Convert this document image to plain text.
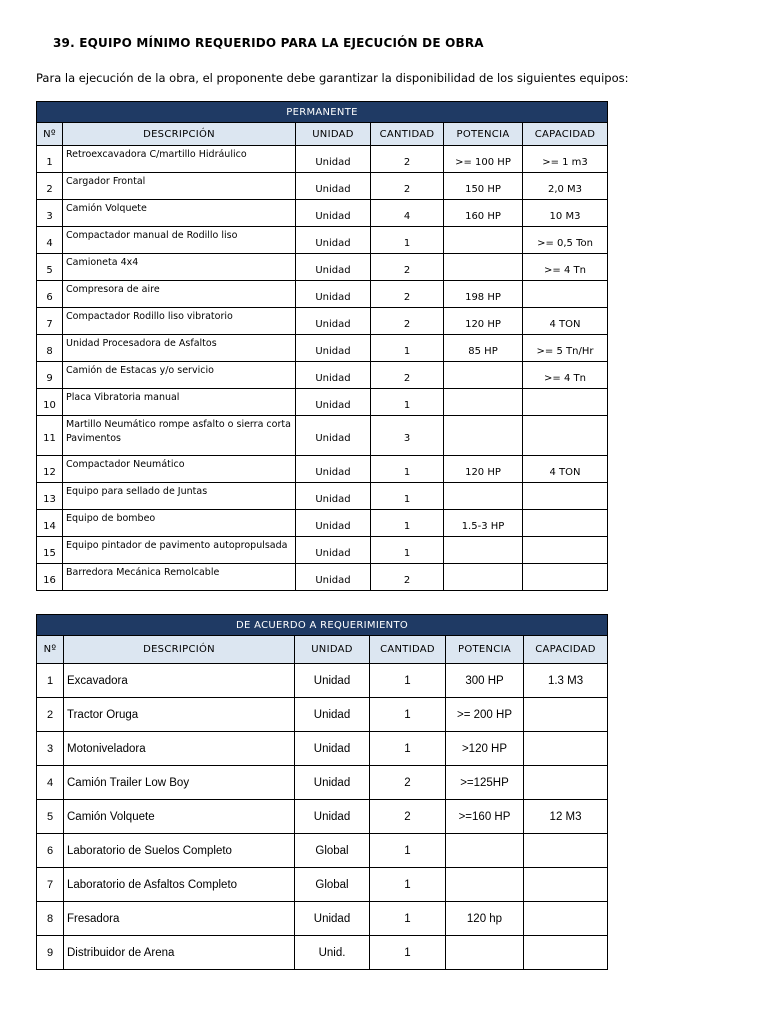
39. EQUIPO MÍNIMO REQUERIDO PARA LA EJECUCIÓN DE OBRA
Para la ejecución de la obra, el proponente debe garantizar la disponibilidad de los siguientes equipos:
PERMANENTE					
Nº	DESCRIPCIÓN	UNIDAD	CANTIDAD	POTENCIA	CAPACIDAD
1	Retroexcavadora C/martillo Hidráulico	Unidad	2	>= 100 HP	>= 1 m3
2	Cargador Frontal	Unidad	2	150 HP	2,0 M3
3	Camión Volquete	Unidad	4	160 HP	10 M3
4	Compactador manual de Rodillo liso	Unidad	1		>= 0,5 Ton
5	Camioneta 4x4	Unidad	2		>= 4 Tn
6	Compresora de aire	Unidad	2	198 HP	
7	Compactador Rodillo liso vibratorio	Unidad	2	120 HP	4 TON
8	Unidad Procesadora de Asfaltos	Unidad	1	85 HP	>= 5 Tn/Hr
9	Camión de Estacas y/o servicio	Unidad	2		>= 4 Tn
10	Placa Vibratoria manual	Unidad	1		
11	Martillo Neumático rompe asfalto o sierra corta Pavimentos	Unidad	3		
12	Compactador Neumático	Unidad	1	120 HP	4 TON
13	Equipo para sellado de Juntas	Unidad	1		
14	Equipo de bombeo	Unidad	1	1.5-3 HP	
15	Equipo pintador de pavimento autopropulsada	Unidad	1		
16	Barredora Mecánica Remolcable	Unidad	2		
DE ACUERDO A REQUERIMIENTO					
Nº	DESCRIPCIÓN	UNIDAD	CANTIDAD	POTENCIA	CAPACIDAD
1	Excavadora	Unidad	1	300 HP	1.3 M3
2	Tractor Oruga	Unidad	1	>= 200 HP	
3	Motoniveladora	Unidad	1	>120 HP	
4	Camión Trailer Low Boy	Unidad	2	>=125HP	
5	Camión Volquete	Unidad	2	>=160 HP	12 M3
6	Laboratorio de Suelos Completo	Global	1		
7	Laboratorio de Asfaltos Completo	Global	1		
8	Fresadora	Unidad	1	120 hp	
9	Distribuidor de Arena	Unid.	1		
